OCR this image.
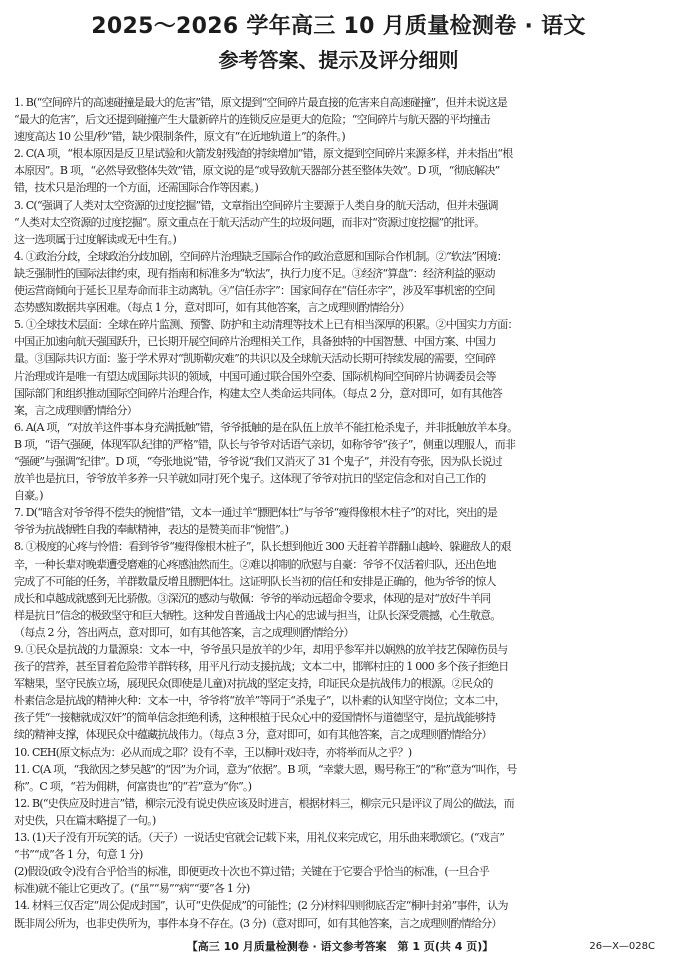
2025～2026 学年高三 10 月质量检测卷 · 语文
参考答案、提示及评分细则
1. B(“空间碎片的高速碰撞是最大的危害”错，原文提到“空间碎片最直接的危害来自高速碰撞”，但并未说这是
“最大的危害”，后文还提到碰撞产生大量新碎片的连锁反应是更大的危险；“空间碎片与航天器的平均撞击
速度高达 10 公里/秒”错，缺少限制条件，原文有“在近地轨道上”的条件。)
2. C(A 项，“根本原因是反卫星试验和火箭发射残渣的持续增加”错，原文提到空间碎片来源多样，并未指出“根
本原因”。B 项，“必然导致整体失效”错，原文说的是“或导致航天器部分甚至整体失效”。D 项，“彻底解决”
错，技术只是治理的一个方面，还需国际合作等因素。)
3. C(“强调了人类对太空资源的过度挖掘”错，文章指出空间碎片主要源于人类自身的航天活动，但并未强调
“人类对太空资源的过度挖掘”。原文重点在于航天活动产生的垃圾问题，而非对“资源过度挖掘”的批评。
这一选项属于过度解读或无中生有。)
4. ①政治分歧，全球政治分歧加剧，空间碎片治理缺乏国际合作的政治意愿和国际合作机制。②“软法”困境：
缺乏强制性的国际法律约束，现有指南和标准多为“软法”，执行力度不足。③经济“算盘”：经济利益的驱动
使运营商倾向于延长卫星寿命而非主动离轨。④“信任赤字”：国家间存在“信任赤字”，涉及军事机密的空间
态势感知数据共享困难。（每点 1 分，意对即可，如有其他答案，言之成理则酌情给分）
5. ①全球技术层面：全球在碎片监测、预警、防护和主动清理等技术上已有相当深厚的积累。②中国实力方面：
中国正加速向航天强国跃升，已长期开展空间碎片治理相关工作，具备独特的中国智慧、中国方案、中国力
量。③国际共识方面：鉴于学术界对“凯斯勒灾难”的共识以及全球航天活动长期可持续发展的需要，空间碎
片治理或许是唯一有望达成国际共识的领域，中国可通过联合国外空委、国际机构间空间碎片协调委员会等
国际部门和组织推动国际空间碎片治理合作，构建太空人类命运共同体。（每点 2 分，意对即可，如有其他答
案，言之成理则酌情给分）
6. A(A 项，“对放羊这件事本身充满抵触”错，爷爷抵触的是在队伍上放羊不能扛枪杀鬼子，并非抵触放羊本身。
B 项，“语气强硬，体现军队纪律的严格”错，队长与爷爷对话语气亲切，如称爷爷“孩子”，侧重以理服人，而非
“强硬”与强调“纪律”。D 项，“夸张地说”错，爷爷说“我们又消灭了 31 个鬼子”，并没有夸张，因为队长说过
放羊也是抗日，爷爷放羊多养一只羊就如同打死个鬼子。这体现了爷爷对抗日的坚定信念和对自己工作的
自豪。)
7. D(“暗含对爷爷得不偿失的惋惜”错，文本一通过羊“膘肥体壮”与爷爷“瘦得像根木柱子”的对比，突出的是
爷爷为抗战牺牲自我的奉献精神，表达的是赞美而非“惋惜”。)
8. ①极度的心疼与怜惜：看到爷爷“瘦得像根木桩子”，队长想到他近 300 天赶着羊群翻山越岭、躲避敌人的艰
辛，一种长辈对晚辈遭受磨难的心疼感油然而生。②难以抑制的欣慰与自豪：爷爷不仅活着归队，还出色地
完成了不可能的任务，羊群数量反增且膘肥体壮。这证明队长当初的信任和安排是正确的，他为爷爷的惊人
成长和卓越成就感到无比骄傲。③深沉的感动与敬佩：爷爷的举动远超命令要求，体现的是对“放好牛羊同
样是抗日”信念的极致坚守和巨大牺牲。这种发自普通战士内心的忠诚与担当，让队长深受震撼，心生敬意。
（每点 2 分，答出两点，意对即可，如有其他答案，言之成理则酌情给分）
9. ①民众是抗战的力量源泉：文本一中，爷爷虽只是放羊的少年，却用乎参军并以娴熟的放羊技艺保障伤员与
孩子的营养，甚至冒着危险带羊群转移，用平凡行动支援抗战；文本二中，邯郸村庄的 1 000 多个孩子拒绝日
军糖果，坚守民族立场，展现民众(即使是儿童)对抗战的坚定支持，印证民众是抗战伟力的根源。②民众的
朴素信念是抗战的精神火种：文本一中，爷爷将“放羊”等同于“杀鬼子”，以朴素的认知坚守岗位；文本二中，
孩子凭“一接糖就成汉奸”的简单信念拒绝利诱，这种根植于民众心中的爱国情怀与道德坚守，是抗战能够持
续的精神支撑，体现民众中蕴藏抗战伟力。（每点 3 分，意对即可，如有其他答案，言之成理则酌情给分）
10. CEH(原文标点为：必从而成之耶？设有不幸，王以桐叶戏妇寺，亦将举而从之乎？)
11. C(A 项，“我欲因之梦吴越”的“因”为介词，意为“依据”。B 项，“幸蒙大恩，赐号称王”的“称”意为“叫作，号
称”。C 项，“若为佣耕，何富贵也”的“若”意为“你”。)
12. B(“史佚应及时进言”错，柳宗元没有说史佚应该及时进言，根据材料三，柳宗元只是评议了周公的做法，而
对史佚，只在篇末略提了一句。)
13. (1)天子没有开玩笑的话。（天子）一说话史官就会记载下来，用礼仪来完成它，用乐曲来歌颂它。(“戏言”
“书”“成”各 1 分，句意 1 分)
(2)假设(政令)没有合乎恰当的标准，即便更改十次也不算过错；关键在于它要合乎恰当的标准，(一旦合乎
标准)就不能让它更改了。(“虽”“易”“病”“要”各 1 分)
14. 材料三仅否定“周公促成封国”，认可“史佚促成”的可能性；(2 分)材料四则彻底否定“桐叶封弟”事件，认为
既非周公所为，也非史佚所为，事件本身不存在。(3 分)（意对即可，如有其他答案，言之成理则酌情给分）
【高三 10 月质量检测卷 · 语文参考答案　第 1 页(共 4 页)】	26—X—028C
